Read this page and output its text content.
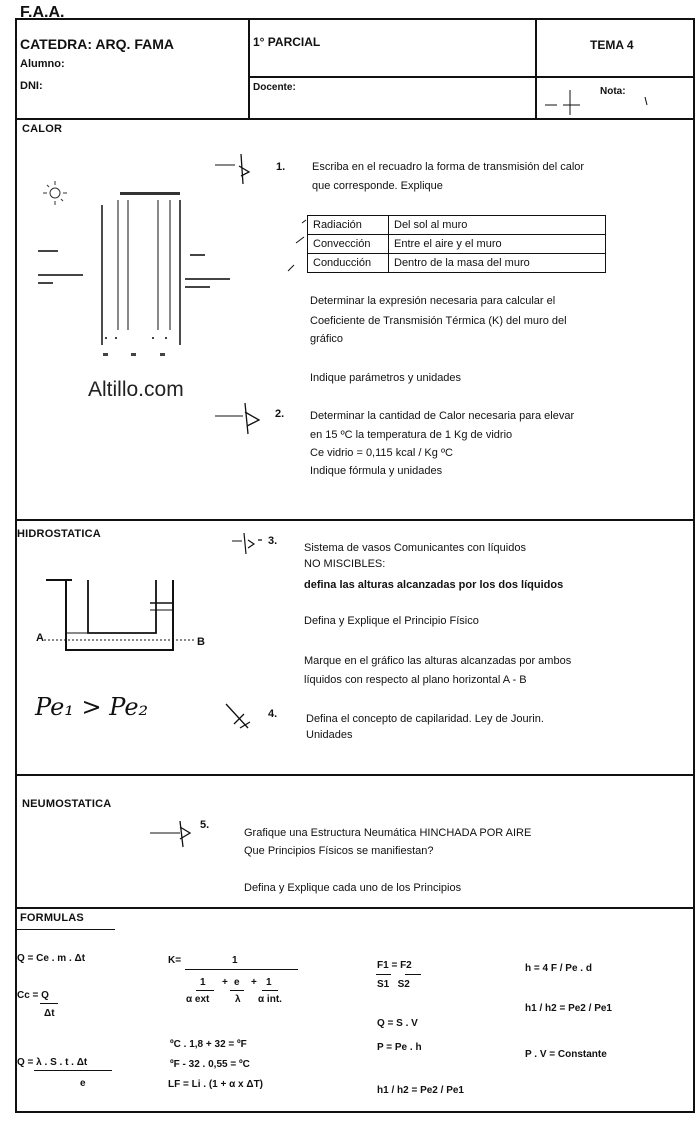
F.A.A.
CATEDRA: ARQ. FAMA
Alumno:
DNI:
1° PARCIAL
Docente:
TEMA 4
Nota:
CALOR
1. Escriba en el recuadro la forma de transmisión del calor
que corresponde. Explique
Radiación	Del sol al muro
Convección	Entre el aire y el muro
Conducción	Dentro de la masa del muro
Determinar la expresión necesaria para calcular el
Coeficiente de Transmisión Térmica (K) del muro del
gráfico
Indique parámetros y unidades
Altillo.com
2. Determinar la cantidad de Calor necesaria para elevar
en 15 ºC la temperatura de 1 Kg de vidrio
Ce vidrio = 0,115 kcal / Kg ºC
Indique fórmula y unidades
HIDROSTATICA
A	B
Pe₁ > Pe₂
3.
Sistema de vasos Comunicantes con líquidos
NO MISCIBLES:
defina las alturas alcanzadas por los dos líquidos
Defina y Explique el Principio Físico
Marque en el gráfico las alturas alcanzadas por ambos
líquidos con respecto al plano horizontal A - B
4.	Defina el concepto de capilaridad. Ley de Jourin.
Unidades
NEUMOSTATICA
5.
Grafique una Estructura Neumática HINCHADA POR AIRE
Que Principios Físicos se manifiestan?
Defina y Explique cada uno de los Principios
FORMULAS
Q = Ce . m . Δt
Cc = Q
Δt
Q = λ . S . t . Δt
e
K=	1
1 + e + 1
α ext	λ α int.
ºC . 1,8 + 32 = ºF
ºF - 32 . 0,55 = ºC
LF = Li . (1 + α x ΔT)
F1 = F2
S1   S2
Q = S . V
P = Pe . h
h1 / h2 = Pe2 / Pe1
h = 4 F / Pe . d
h1 / h2 = Pe2 / Pe1
P . V = Constante
